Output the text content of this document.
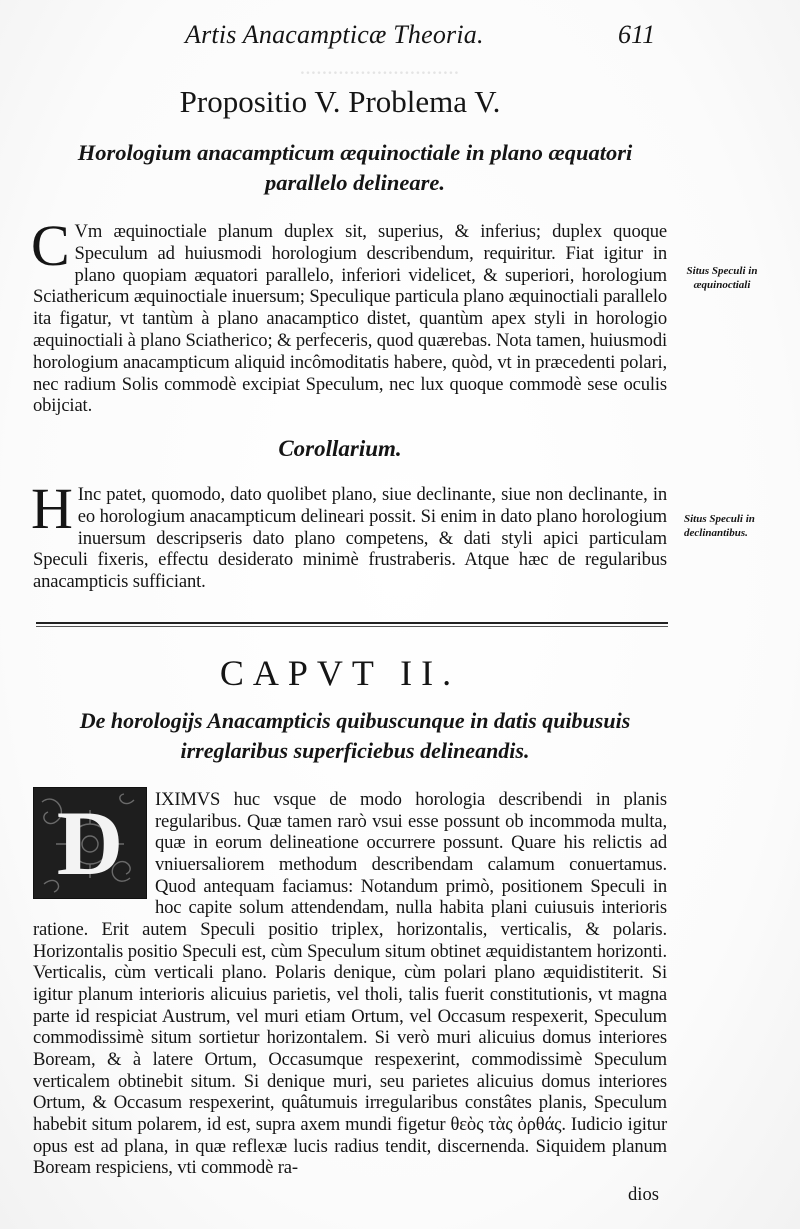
·····························
Artis Anacampticæ Theoria.	611
Propositio V. Problema V.
Horologium anacampticum æquinoctiale in plano æquatori parallelo delineare.
C Vm æquinoctiale planum duplex sit, superius, & inferius; duplex quoque Speculum ad huiusmodi horologium describendum, requiritur. Fiat igitur in plano quopiam æquatori parallelo, inferiori videlicet, & superiori, horologium Sciathericum æquinoctiale inuersum; Speculique particula plano æquinoctiali parallelo ita figatur, vt tantùm à plano anacamptico distet, quantùm apex styli in horologio æquinoctiali à plano Sciatherico; & perfeceris, quod quærebas. Nota tamen, huiusmodi horologium anacampticum aliquid incômoditatis habere, quòd, vt in præcedenti polari, nec radium Solis commodè excipiat Speculum, nec lux quoque commodè sese oculis obijciat.
Situs Speculi in æquinoctiali
Corollarium.
H Inc patet, quomodo, dato quolibet plano, siue declinante, siue non declinante, in eo horologium anacampticum delineari possit. Si enim in dato plano horologium inuersum descripseris dato plano competens, & dati styli apici particulam Speculi fixeris, effectu desiderato minimè frustraberis. Atque hæc de regularibus anacampticis sufficiant.
Situs Speculi in declinantibus.
CAPVT II.
De horologijs Anacampticis quibuscunque in datis quibusuis irreglaribus superficiebus delineandis.
IXIMVS huc vsque de modo horologia describendi in planis regularibus. Quæ tamen rarò vsui esse possunt ob incommoda multa, quæ in eorum delineatione occurrere possunt. Quare his relictis ad vniuersaliorem methodum describendam calamum conuertamus. Quod antequam faciamus: Notandum primò, positionem Speculi in hoc capite solum attendendam, nulla habita plani cuiusuis interioris ratione. Erit autem Speculi positio triplex, horizontalis, verticalis, & polaris. Horizontalis positio Speculi est, cùm Speculum situm obtinet æquidistantem horizonti. Verticalis, cùm verticali plano. Polaris denique, cùm polari plano æquidistiterit. Si igitur planum interioris alicuius parietis, vel tholi, talis fuerit constitutionis, vt magna parte id respiciat Austrum, vel muri etiam Ortum, vel Occasum respexerit, Speculum commodissimè situm sortietur horizontalem. Si verò muri alicuius domus interiores Boream, & à latere Ortum, Occasumque respexerint, commodissimè Speculum verticalem obtinebit situm. Si denique muri, seu parietes alicuius domus interiores Ortum, & Occasum respexerint, quâtumuis irregularibus constâtes planis, Speculum habebit situm polarem, id est, supra axem mundi figetur θεὸς τὰς ὀρθάς. Iudicio igitur opus est ad plana, in quæ reflexæ lucis radius tendit, discernenda. Siquidem planum Boream respiciens, vti commodè ra-
D
dios
